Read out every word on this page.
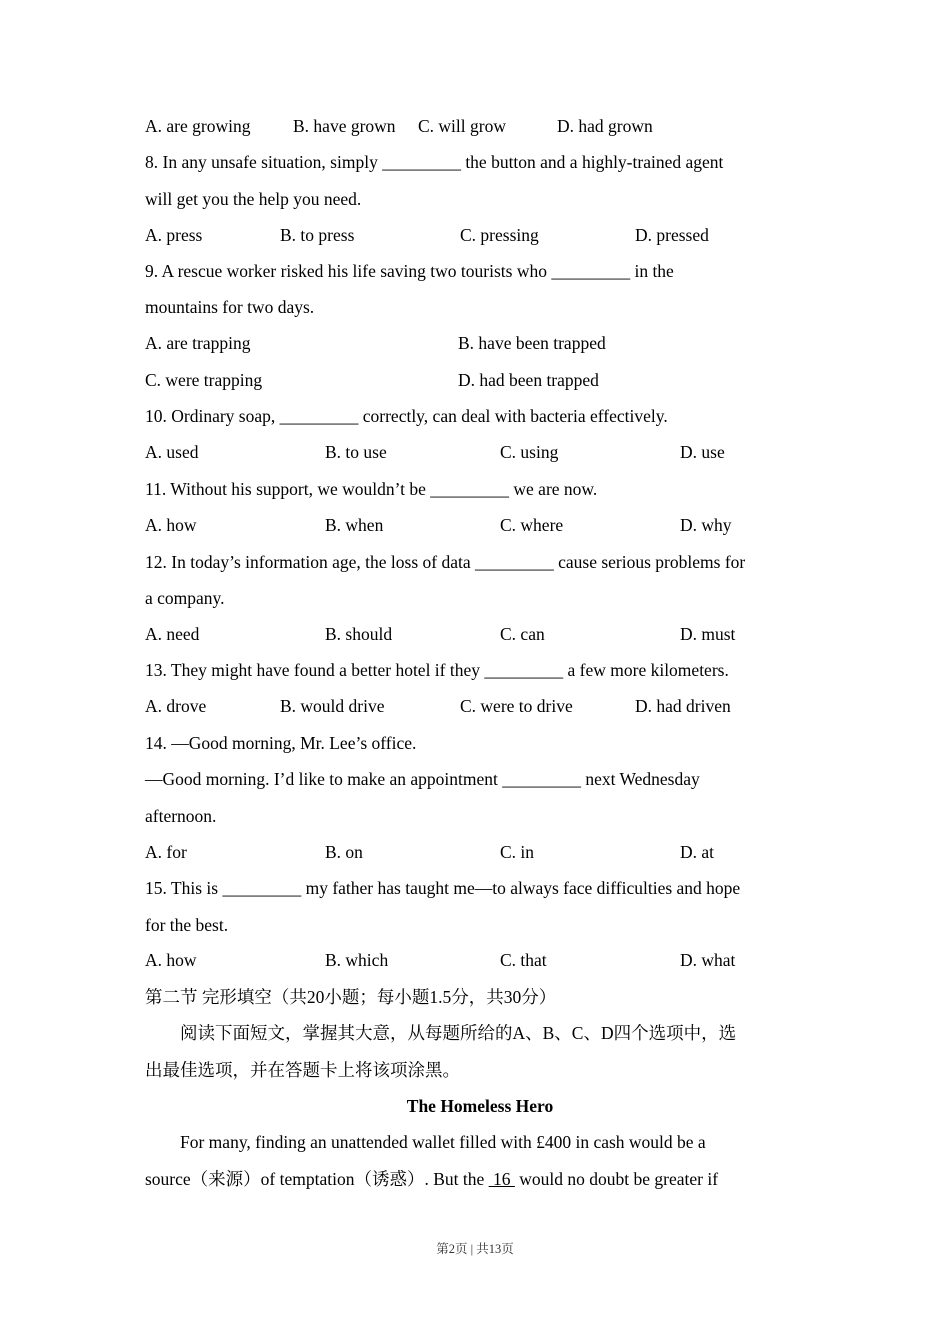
A. are growing	B. have grown	C. will grow	D. had grown
8. In any unsafe situation, simply _________ the button and a highly-trained agent
will get you the help you need.
A. press	B. to press	C. pressing	D. pressed
9. A rescue worker risked his life saving two tourists who _________ in the
mountains for two days.
A. are trapping	B. have been trapped
C. were trapping	D. had been trapped
10. Ordinary soap, _________ correctly, can deal with bacteria effectively.
A. used	B. to use	C. using	D. use
11. Without his support, we wouldn’t be _________ we are now.
A. how	B. when	C. where	D. why
12. In today’s information age, the loss of data _________ cause serious problems for
a company.
A. need	B. should	C. can	D. must
13. They might have found a better hotel if they _________ a few more kilometers.
A. drove	B. would drive	C. were to drive	D. had driven
14. —Good morning, Mr. Lee’s office.
—Good morning. I’d like to make an appointment _________ next Wednesday
afternoon.
A. for	B. on	C. in	D. at
15. This is _________ my father has taught me—to always face difficulties and hope
for the best.
A. how	B. which	C. that	D. what
第二节 完形填空（共20小题；每小题1.5分，共30分）
阅读下面短文，掌握其大意，从每题所给的A、B、C、D四个选项中，选
出最佳选项，并在答题卡上将该项涂黑。
The Homeless Hero
For many, finding an unattended wallet filled with £400 in cash would be a
source（来源）of temptation（诱惑）. But the  16  would no doubt be greater if
第2页 | 共13页
